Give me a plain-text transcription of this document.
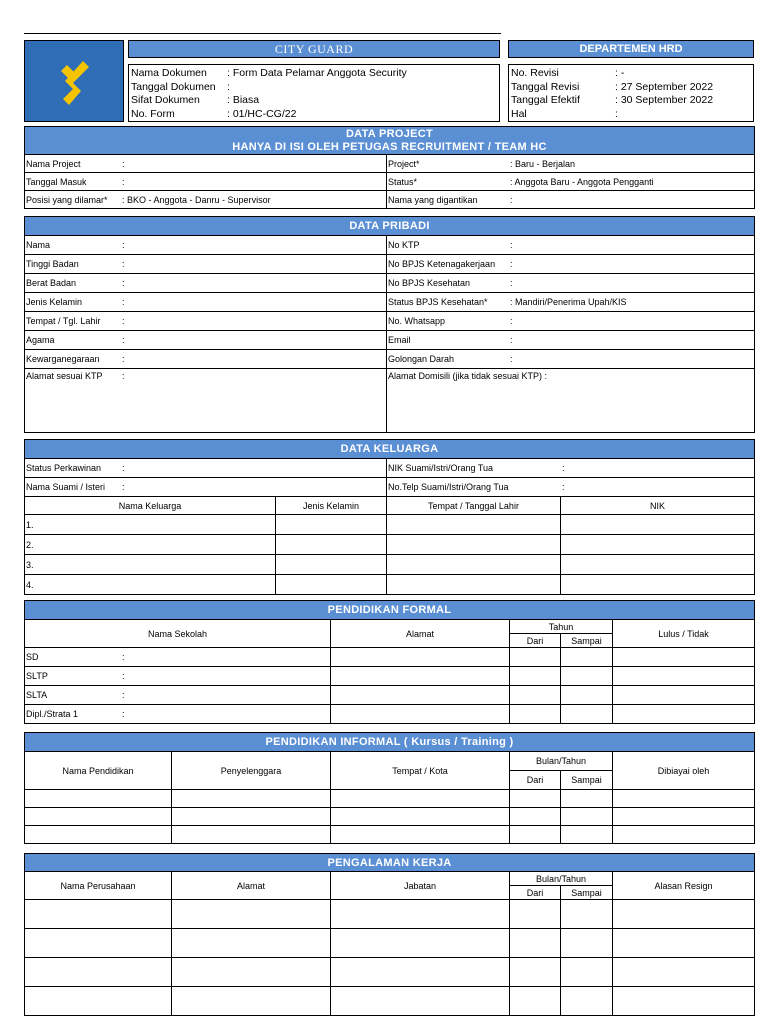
CITY GUARD	DEPARTEMEN HRD
Nama Dokumen	: Form Data Pelamar Anggota Security
Tanggal Dokumen	:
Sifat Dokumen	: Biasa
No. Form	: 01/HC-CG/22
No. Revisi	: -
Tanggal Revisi	: 27 September 2022
Tanggal Efektif	: 30 September 2022
Hal	:
DATA PROJECT
HANYA DI ISI OLEH PETUGAS RECRUITMENT / TEAM HC	

Nama Project :	Project* : Baru - Berjalan
Tanggal Masuk :	Status* : Anggota Baru - Anggota Pengganti
Posisi yang dilamar* : BKO - Anggota - Danru - Supervisor	Nama yang digantikan :
DATA PRIBADI	
Nama :	No KTP :
Tinggi Badan :	No BPJS Ketenagakerjaan :
Berat Badan :	No BPJS Kesehatan :
Jenis Kelamin :	Status BPJS Kesehatan* : Mandiri/Penerima Upah/KIS
Tempat / Tgl. Lahir :	No. Whatsapp :
Agama :	Email :
Kewarganegaraan :	Golongan Darah :
Alamat sesuai KTP :	Alamat Domisili (jika tidak sesuai KTP) :
DATA KELUARGA			
Status Perkawinan :		NIK Suami/Istri/Orang Tua :	
Nama Suami / Isteri :		No.Telp Suami/Istri/Orang Tua :	
Nama Keluarga	Jenis Kelamin	Tempat / Tanggal Lahir	NIK
1.			
2.			
3.			
4.			
PENDIDIKAN FORMAL				
Nama Sekolah	Alamat	Tahun		Lulus / Tidak
		Dari	Sampai	
SD :				
SLTP :				
SLTA :				
Dipl./Strata 1 :				
PENDIDIKAN INFORMAL ( Kursus / Training )					
Nama Pendidikan	Penyelenggara	Tempat / Kota	Bulan/Tahun		Dibiayai oleh
			Dari	Sampai	

PENGALAMAN KERJA					
Nama Perusahaan	Alamat	Jabatan	Bulan/Tahun		Alasan Resign
			Dari	Sampai	
